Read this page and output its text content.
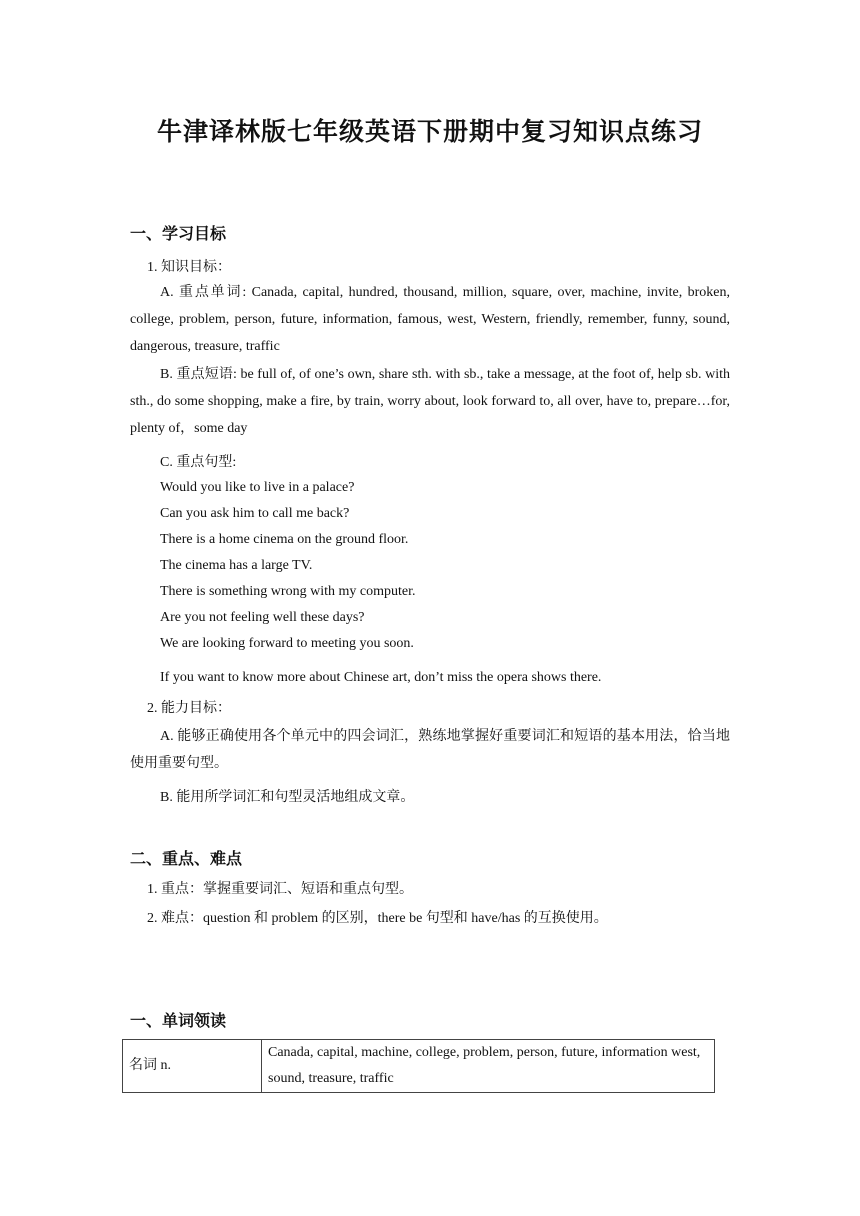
牛津译林版七年级英语下册期中复习知识点练习
一、学习目标
1. 知识目标：
A. 重点单词: Canada, capital, hundred, thousand, million, square, over, machine, invite, broken, college, problem, person, future, information, famous, west, Western, friendly, remember, funny, sound, dangerous, treasure, traffic
B. 重点短语: be full of, of one’s own, share sth. with sb., take a message, at the foot of, help sb. with sth., do some shopping, make a fire, by train, worry about, look forward to, all over, have to, prepare…for, plenty of，some day
C. 重点句型:
Would you like to live in a palace?
Can you ask him to call me back?
There is a home cinema on the ground floor.
The cinema has a large TV.
There is something wrong with my computer.
Are you not feeling well these days?
We are looking forward to meeting you soon.
If you want to know more about Chinese art, don’t miss the opera shows there.
2. 能力目标：
A. 能够正确使用各个单元中的四会词汇，熟练地掌握好重要词汇和短语的基本用法，恰当地使用重要句型。
B. 能用所学词汇和句型灵活地组成文章。
二、重点、难点
1. 重点：掌握重要词汇、短语和重点句型。
2. 难点：question 和 problem 的区别，there be 句型和 have/has 的互换使用。
一、单词领读
名词 n.	Canada, capital, machine, college, problem, person, future, information west, sound, treasure, traffic
